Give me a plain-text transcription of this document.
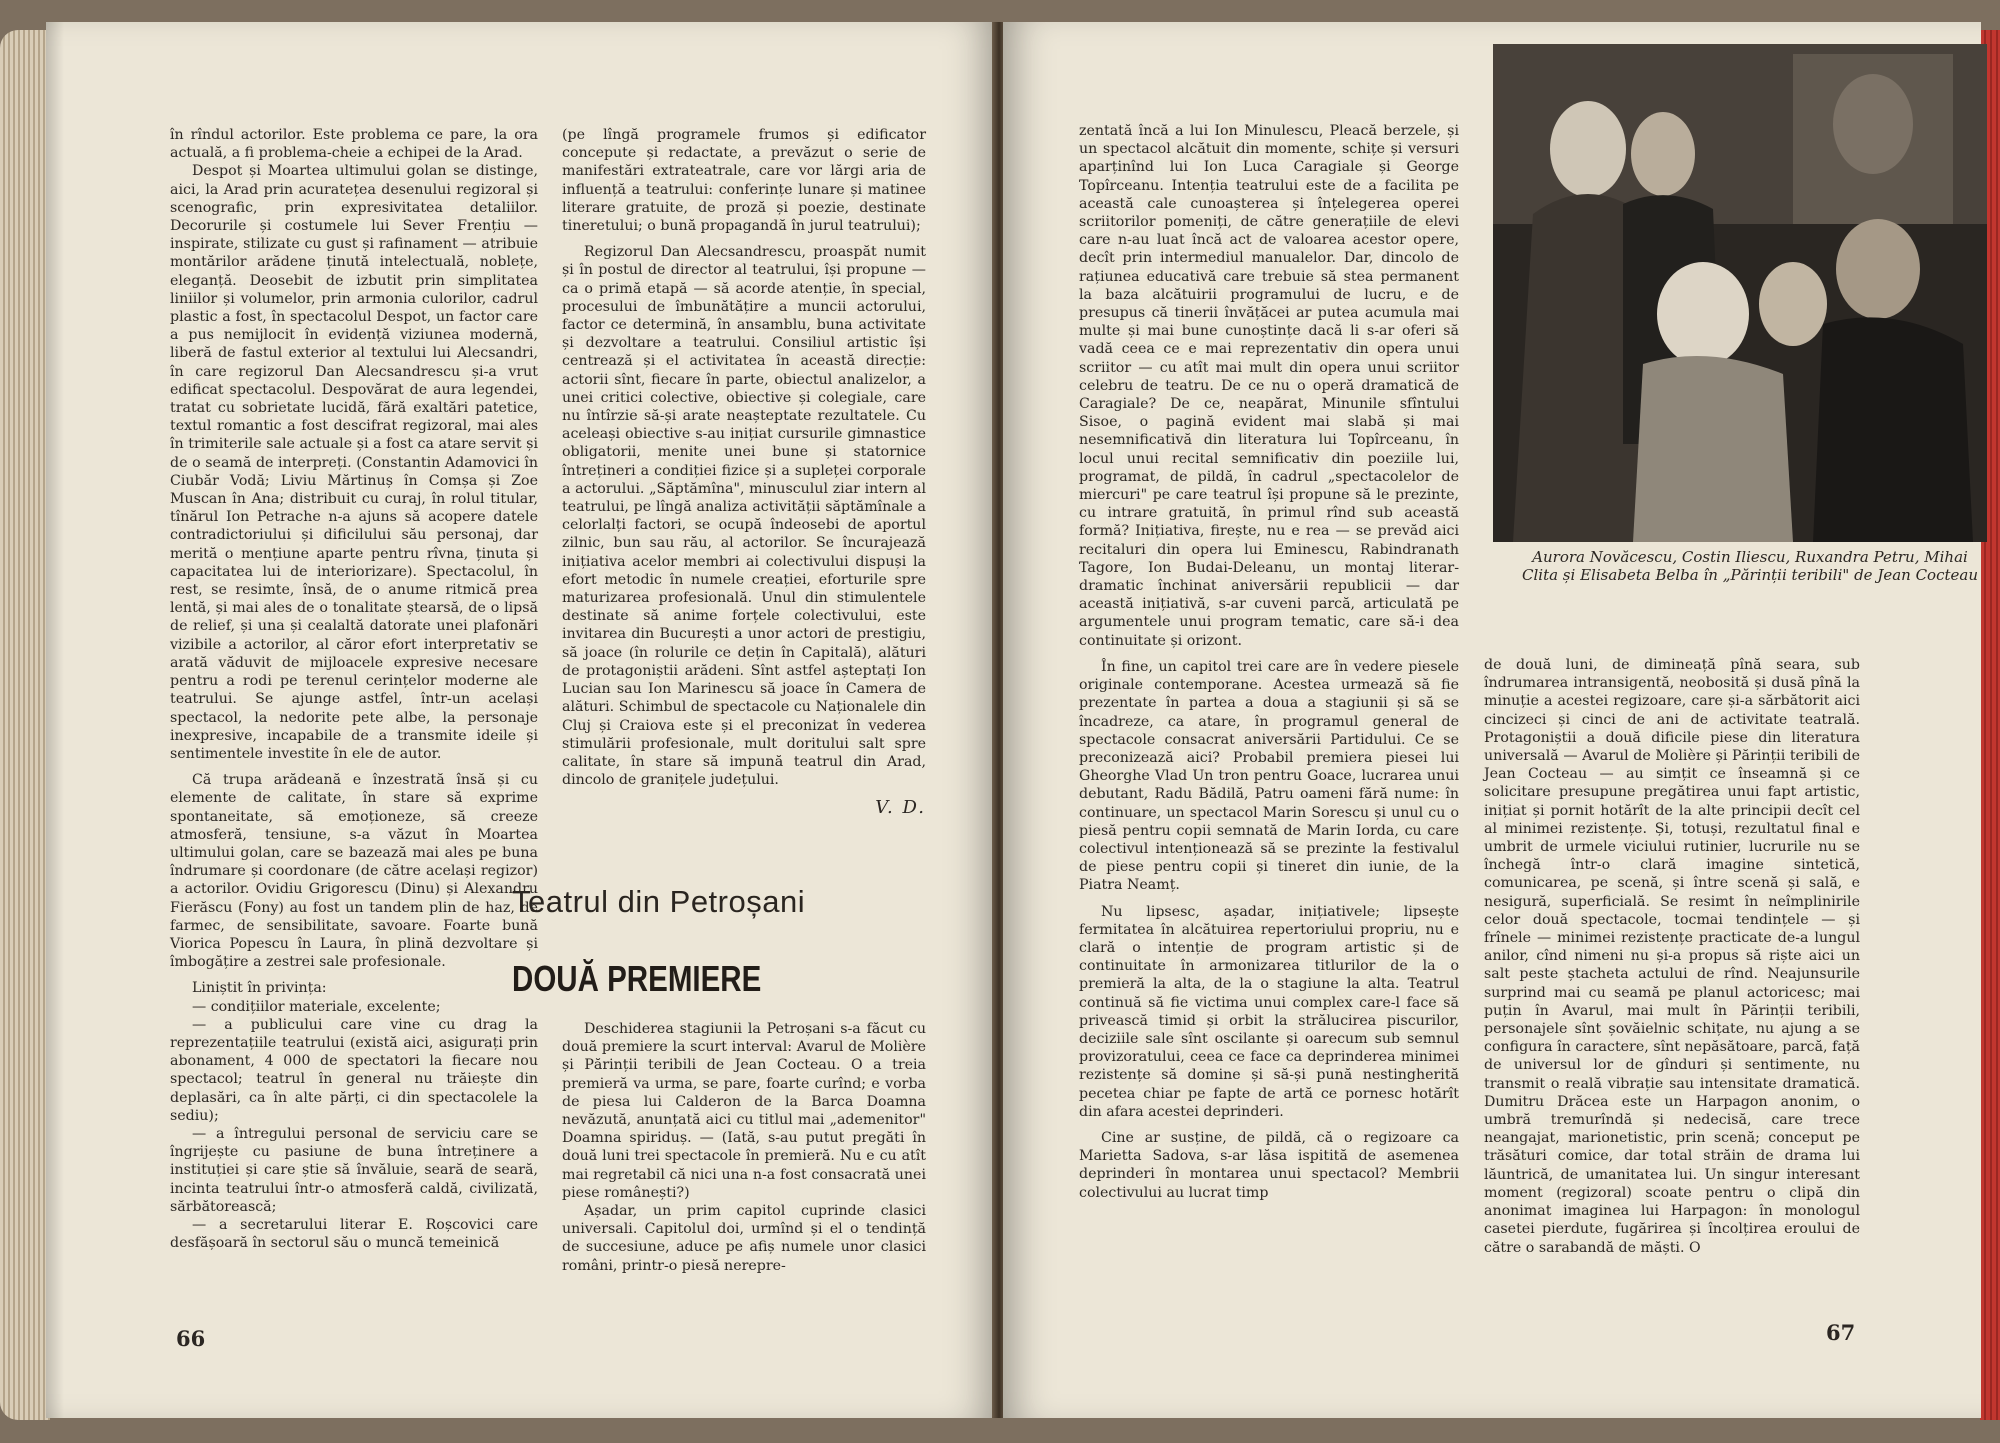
în rîndul actorilor. Este problema ce pare, la ora actuală, a fi problema-cheie a echipei de la Arad.

Despot și Moartea ultimului golan se distinge, aici, la Arad prin acuratețea desenului regizoral și scenografic, prin expresivitatea detaliilor. Decorurile și costumele lui Sever Frențiu — inspirate, stilizate cu gust și rafinament — atribuie montărilor arădene ținută intelectuală, noblețe, eleganță. Deosebit de izbutit prin simplitatea liniilor și volumelor, prin armonia culorilor, cadrul plastic a fost, în spectacolul Despot, un factor care a pus nemijlocit în evidență viziunea modernă, liberă de fastul exterior al textului lui Alecsandri, în care regizorul Dan Alecsandrescu și-a vrut edificat spectacolul. Despovărat de aura legendei, tratat cu sobrietate lucidă, fără exaltări patetice, textul romantic a fost descifrat regizoral, mai ales în trimiterile sale actuale și a fost ca atare servit și de o seamă de interpreți. (Constantin Adamovici în Ciubăr Vodă; Liviu Mărtinuș în Comșa și Zoe Muscan în Ana; distribuit cu curaj, în rolul titular, tînărul Ion Petrache n-a ajuns să acopere datele contradictoriului și dificilului său personaj, dar merită o mențiune aparte pentru rîvna, ținuta și capacitatea lui de interiorizare). Spectacolul, în rest, se resimte, însă, de o anume ritmică prea lentă, și mai ales de o tonalitate ștearsă, de o lipsă de relief, și una și cealaltă datorate unei plafonări vizibile a actorilor, al căror efort interpretativ se arată văduvit de mijloacele expresive necesare pentru a rodi pe terenul cerințelor moderne ale teatrului. Se ajunge astfel, într-un același spectacol, la nedorite pete albe, la personaje inexpresive, incapabile de a transmite ideile și sentimentele investite în ele de autor.

Că trupa arădeană e înzestrată însă și cu elemente de calitate, în stare să exprime spontaneitate, să emoționeze, să creeze atmosferă, tensiune, s-a văzut în Moartea ultimului golan, care se bazează mai ales pe buna îndrumare și coordonare (de către același regizor) a actorilor. Ovidiu Grigorescu (Dinu) și Alexandru Fierăscu (Fony) au fost un tandem plin de haz, de farmec, de sensibilitate, savoare. Foarte bună Viorica Popescu în Laura, în plină dezvoltare și îmbogățire a zestrei sale profesionale.

Liniștit în privința:

— condițiilor materiale, excelente;

— a publicului care vine cu drag la reprezentațiile teatrului (există aici, asigurați prin abonament, 4 000 de spectatori la fiecare nou spectacol; teatrul în general nu trăiește din deplasări, ca în alte părți, ci din spectacolele la sediu);

— a întregului personal de serviciu care se îngrijește cu pasiune de buna întreținere a instituției și care știe să învăluie, seară de seară, incinta teatrului într-o atmosferă caldă, civilizată, sărbătorească;

— a secretarului literar E. Roșcovici care desfășoară în sectorul său o muncă temeinică

(pe lîngă programele frumos și edificator concepute și redactate, a prevăzut o serie de manifestări extrateatrale, care vor lărgi aria de influență a teatrului: conferințe lunare și matinee literare gratuite, de proză și poezie, destinate tineretului; o bună propagandă în jurul teatrului);

Regizorul Dan Alecsandrescu, proaspăt numit și în postul de director al teatrului, își propune — ca o primă etapă — să acorde atenție, în special, procesului de îmbunătățire a muncii actorului, factor ce determină, în ansamblu, buna activitate și dezvoltare a teatrului. Consiliul artistic își centrează și el activitatea în această direcție: actorii sînt, fiecare în parte, obiectul analizelor, a unei critici colective, obiective și colegiale, care nu întîrzie să-și arate neașteptate rezultatele. Cu aceleași obiective s-au inițiat cursurile gimnastice obligatorii, menite unei bune și statornice întrețineri a condiției fizice și a supleței corporale a actorului. „Săptămîna", minusculul ziar intern al teatrului, pe lîngă analiza activității săptămînale a celorlalți factori, se ocupă îndeosebi de aportul zilnic, bun sau rău, al actorilor. Se încurajează inițiativa acelor membri ai colectivului dispuși la efort metodic în numele creației, eforturile spre maturizarea profesională. Unul din stimulentele destinate să anime forțele colectivului, este invitarea din București a unor actori de prestigiu, să joace (în rolurile ce dețin în Capitală), alături de protagoniștii arădeni. Sînt astfel așteptați Ion Lucian sau Ion Marinescu să joace în Camera de alături. Schimbul de spectacole cu Naționalele din Cluj și Craiova este și el preconizat în vederea stimulării profesionale, mult doritului salt spre calitate, în stare să impună teatrul din Arad, dincolo de granițele județului.

V. D.
Teatrul din Petroșani
DOUĂ PREMIERE

Deschiderea stagiunii la Petroșani s-a făcut cu două premiere la scurt interval: Avarul de Molière și Părinții teribili de Jean Cocteau. O a treia premieră va urma, se pare, foarte curînd; e vorba de piesa lui Calderon de la Barca Doamna nevăzută, anunțată aici cu titlul mai „ademenitor" Doamna spiriduș. — (Iată, s-au putut pregăti în două luni trei spectacole în premieră. Nu e cu atît mai regretabil că nici una n-a fost consacrată unei piese românești?)

Așadar, un prim capitol cuprinde clasici universali. Capitolul doi, urmînd și el o tendință de succesiune, aduce pe afiș numele unor clasici români, printr-o piesă nerepre-

66

zentată încă a lui Ion Minulescu, Pleacă berzele, și un spectacol alcătuit din momente, schițe și versuri aparținînd lui Ion Luca Caragiale și George Topîrceanu. Intenția teatrului este de a facilita pe această cale cunoașterea și înțelegerea operei scriitorilor pomeniți, de către generațiile de elevi care n-au luat încă act de valoarea acestor opere, decît prin intermediul manualelor. Dar, dincolo de rațiunea educativă care trebuie să stea permanent la baza alcătuirii programului de lucru, e de presupus că tinerii învățăcei ar putea acumula mai multe și mai bune cunoștințe dacă li s-ar oferi să vadă ceea ce e mai reprezentativ din opera unui scriitor — cu atît mai mult din opera unui scriitor celebru de teatru. De ce nu o operă dramatică de Caragiale? De ce, neapărat, Minunile sfîntului Sisoe, o pagină evident mai slabă și mai nesemnificativă din literatura lui Topîrceanu, în locul unui recital semnificativ din poeziile lui, programat, de pildă, în cadrul „spectacolelor de miercuri" pe care teatrul își propune să le prezinte, cu intrare gratuită, în primul rînd sub această formă? Inițiativa, firește, nu e rea — se prevăd aici recitaluri din opera lui Eminescu, Rabindranath Tagore, Ion Budai-Deleanu, un montaj literar-dramatic închinat aniversării republicii — dar această inițiativă, s-ar cuveni parcă, articulată pe argumentele unui program tematic, care să-i dea continuitate și orizont.

În fine, un capitol trei care are în vedere piesele originale contemporane. Acestea urmează să fie prezentate în partea a doua a stagiunii și să se încadreze, ca atare, în programul general de spectacole consacrat aniversării Partidului. Ce se preconizează aici? Probabil premiera piesei lui Gheorghe Vlad Un tron pentru Goace, lucrarea unui debutant, Radu Bădilă, Patru oameni fără nume: în continuare, un spectacol Marin Sorescu și unul cu o piesă pentru copii semnată de Marin Iorda, cu care colectivul intenționează să se prezinte la festivalul de piese pentru copii și tineret din iunie, de la Piatra Neamț.

Nu lipsesc, așadar, inițiativele; lipsește fermitatea în alcătuirea repertoriului propriu, nu e clară o intenție de program artistic și de continuitate în armonizarea titlurilor de la o premieră la alta, de la o stagiune la alta. Teatrul continuă să fie victima unui complex care-l face să privească timid și orbit la strălucirea piscurilor, deciziile sale sînt oscilante și oarecum sub semnul provizoratului, ceea ce face ca deprinderea minimei rezistențe să domine și să-și pună nestingherită pecetea chiar pe fapte de artă ce pornesc hotărît din afara acestei deprinderi.

Cine ar susține, de pildă, că o regizoare ca Marietta Sadova, s-ar lăsa ispitită de asemenea deprinderi în montarea unui spectacol? Membrii colectivului au lucrat timp

Aurora Novăcescu, Costin Iliescu, Ruxandra Petru, Mihai Clita și Elisabeta Belba în „Părinții teribili" de Jean Cocteau

de două luni, de dimineață pînă seara, sub îndrumarea intransigentă, neobosită și dusă pînă la minuție a acestei regizoare, care și-a sărbătorit aici cincizeci și cinci de ani de activitate teatrală. Protagoniștii a două dificile piese din literatura universală — Avarul de Molière și Părinții teribili de Jean Cocteau — au simțit ce înseamnă și ce solicitare presupune pregătirea unui fapt artistic, inițiat și pornit hotărît de la alte principii decît cel al minimei rezistențe. Și, totuși, rezultatul final e umbrit de urmele viciului rutinier, lucrurile nu se închegă într-o clară imagine sintetică, comunicarea, pe scenă, și între scenă și sală, e nesigură, superficială. Se resimt în neîmplinirile celor două spectacole, tocmai tendințele — și frînele — minimei rezistențe practicate de-a lungul anilor, cînd nimeni nu și-a propus să riște aici un salt peste ștacheta actului de rînd. Neajunsurile surprind mai cu seamă pe planul actoricesc; mai puțin în Avarul, mai mult în Părinții teribili, personajele sînt șovăielnic schițate, nu ajung a se configura în caractere, sînt nepăsătoare, parcă, față de universul lor de gînduri și sentimente, nu transmit o reală vibrație sau intensitate dramatică. Dumitru Drăcea este un Harpagon anonim, o umbră tremurîndă și nedecisă, care trece neangajat, marionetistic, prin scenă; conceput pe trăsături comice, dar total străin de drama lui lăuntrică, de umanitatea lui. Un singur interesant moment (regizoral) scoate pentru o clipă din anonimat imaginea lui Harpagon: în monologul casetei pierdute, fugărirea și încolțirea eroului de către o sarabandă de măști. O

67
